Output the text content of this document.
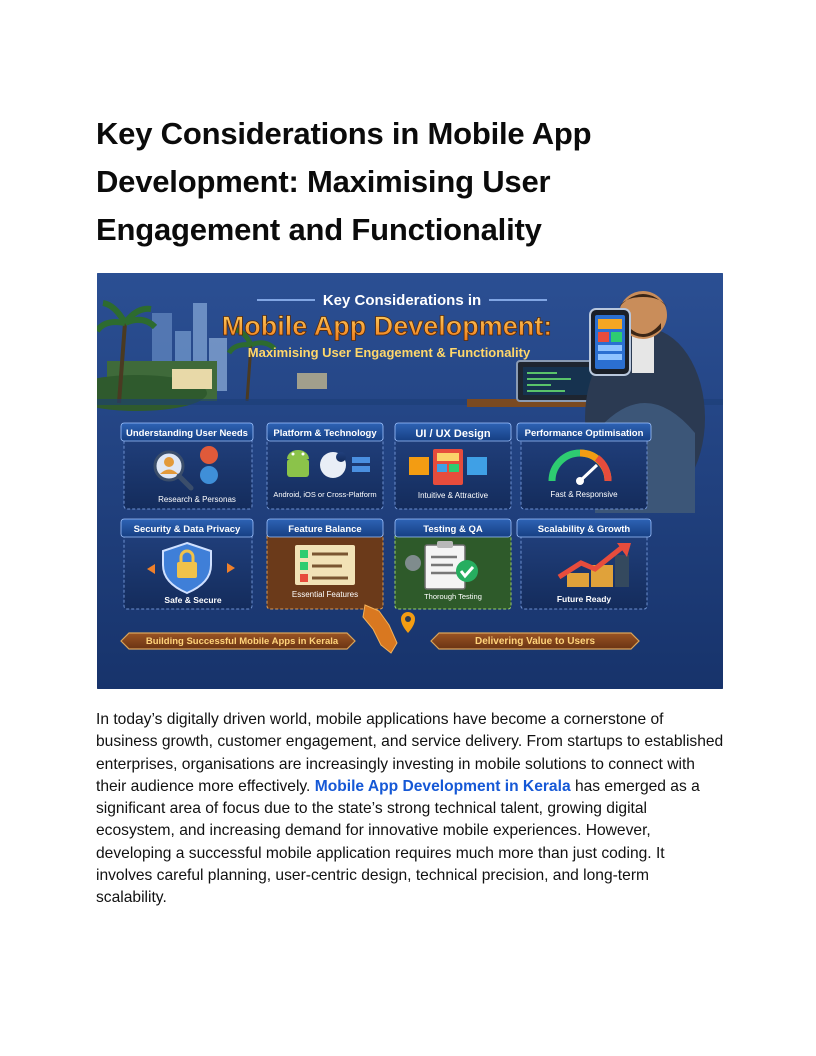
Key Considerations in Mobile App Development: Maximising User Engagement and Functionality
Key Considerations in
Mobile App Development:
Maximising User Engagement & Functionality
Understanding User Needs
Research & Personas
Platform & Technology
Android, iOS or Cross-Platform
UI / UX Design
Intuitive & Attractive
Performance Optimisation
Fast & Responsive
Security & Data Privacy
Safe & Secure
Feature Balance
Essential Features
Testing & QA
Thorough Testing
Scalability & Growth
Future Ready
Building Successful Mobile Apps in Kerala	Delivering Value to Users

In today’s digitally driven world, mobile applications have become a cornerstone of business growth, customer engagement, and service delivery. From startups to established enterprises, organisations are increasingly investing in mobile solutions to connect with their audience more effectively. Mobile App Development in Kerala has emerged as a significant area of focus due to the state’s strong technical talent, growing digital ecosystem, and increasing demand for innovative mobile experiences. However, developing a successful mobile application requires much more than just coding. It involves careful planning, user-centric design, technical precision, and long-term scalability.
